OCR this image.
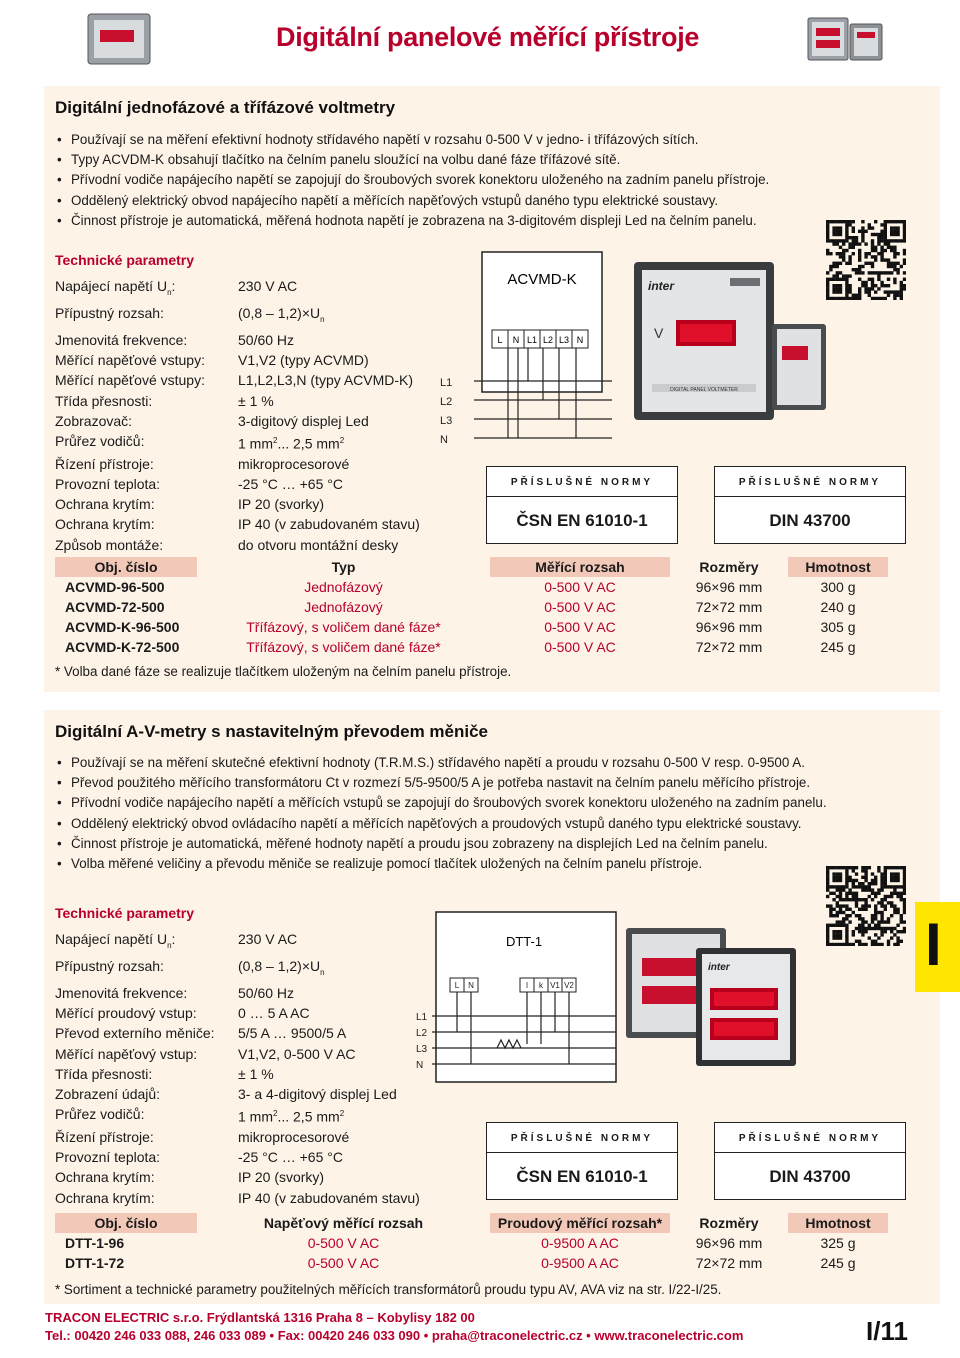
Digitální panelové měřící přístroje
Digitální jednofázové a třífázové voltmetry
• Používají se na měření efektivní hodnoty střídavého napětí v rozsahu 0-500 V v jedno- i třífázových sítích.
• Typy ACVDM-K obsahují tlačítko na čelním panelu sloužící na volbu dané fáze třífázové sítě.
• Přívodní vodiče napájecího napětí se zapojují do šroubových svorek konektoru uloženého na zadním panelu přístroje.
• Oddělený elektrický obvod napájecího napětí a měřících napěťových vstupů daného typu elektrické soustavy.
• Činnost přístroje je automatická, měřená hodnota napětí je zobrazena na 3-digitovém displeji Led na čelním panelu.
Technické parametry
Napájecí napětí $U_n$:	230 V AC
Přípustný rozsah:	$(0,8 - 1,2)\times U_n$
Jmenovitá frekvence:	50/60 Hz
Měřící napěťové vstupy:	V1,V2 (typy ACVMD)
Měřící napěťové vstupy:	L1,L2,L3,N (typy ACVMD-K)
Třída přesnosti:	± 1 %
Zobrazovač:	3-digitový displej Led
Průřez vodičů:	1 $mm^2$... 2,5 $mm^2$
Řízení přístroje:	mikroprocesorové
Provozní teplota:	-25 °C … +65 °C
Ochrana krytím:	IP 20 (svorky)
Ochrana krytím:	IP 40 (v zabudovaném stavu)
Způsob montáže:	do otvoru montážní desky
ACVMD-K
L N L1 L2 L3 N
L1
L2
L3
N
inter
V
DIGITAL PANEL VOLTMETER
PŘÍSLUŠNÉ NORMY
ČSN EN 61010-1
PŘÍSLUŠNÉ NORMY
DIN 43700
Obj. číslo	Typ	Měřící rozsah	Rozměry	Hmotnost
ACVMD-96-500	Jednofázový	0-500 V AC	96×96 mm	300 g
ACVMD-72-500	Jednofázový	0-500 V AC	72×72 mm	240 g
ACVMD-K-96-500	Třífázový, s voličem dané fáze*	0-500 V AC	96×96 mm	305 g
ACVMD-K-72-500	Třífázový, s voličem dané fáze*	0-500 V AC	72×72 mm	245 g
* Volba dané fáze se realizuje tlačítkem uloženým na čelním panelu přístroje.
Digitální A-V-metry s nastavitelným převodem měniče
• Používají se na měření skutečné efektivní hodnoty (T.R.M.S.) střídavého napětí a proudu v rozsahu 0-500 V resp. 0-9500 A.
• Převod použitého měřícího transformátoru Ct v rozmezí 5/5-9500/5 A je potřeba nastavit na čelním panelu měřícího přístroje.
• Přívodní vodiče napájecího napětí a měřících vstupů se zapojují do šroubových svorek konektoru uloženého na zadním panelu.
• Oddělený elektrický obvod ovládacího napětí a měřících napěťových a proudových vstupů daného typu elektrické soustavy.
• Činnost přístroje je automatická, měřené hodnoty napětí a proudu jsou zobrazeny na displejích Led na čelním panelu.
• Volba měřené veličiny a převodu měniče se realizuje pomocí tlačítek uložených na čelním panelu přístroje.
Technické parametry
Napájecí napětí $U_n$:	230 V AC
Přípustný rozsah:	$(0,8 - 1,2)\times U_n$
Jmenovitá frekvence:	50/60 Hz
Měřící proudový vstup:	0 … 5 A AC
Převod externího měniče:	5/5 A … 9500/5 A
Měřící napěťový vstup:	V1,V2, 0-500 V AC
Třída přesnosti:	± 1 %
Zobrazení údajů:	3- a 4-digitový displej Led
Průřez vodičů:	1 $mm^2$... 2,5 $mm^2$
Řízení přístroje:	mikroprocesorové
Provozní teplota:	-25 °C … +65 °C
Ochrana krytím:	IP 20 (svorky)
Ochrana krytím:	IP 40 (v zabudovaném stavu)
DTT-1
L N	l k V1 V2
L1
L2
L3
N
inter
PŘÍSLUŠNÉ NORMY
ČSN EN 61010-1
PŘÍSLUŠNÉ NORMY
DIN 43700
Obj. číslo	Napěťový měřící rozsah	Proudový měřící rozsah*	Rozměry	Hmotnost
DTT-1-96	0-500 V AC	0-9500 A AC	96×96 mm	325 g
DTT-1-72	0-500 V AC	0-9500 A AC	72×72 mm	245 g
* Sortiment a technické parametry použitelných měřících transformátorů proudu typu AV, AVA viz na str. I/22-I/25.
I
TRACON ELECTRIC s.r.o. Frýdlantská 1316 Praha 8 – Kobylisy 182 00
Tel.: 00420 246 033 088, 246 033 089 • Fax: 00420 246 033 090 • praha@traconelectric.cz • www.traconelectric.com	I/11
